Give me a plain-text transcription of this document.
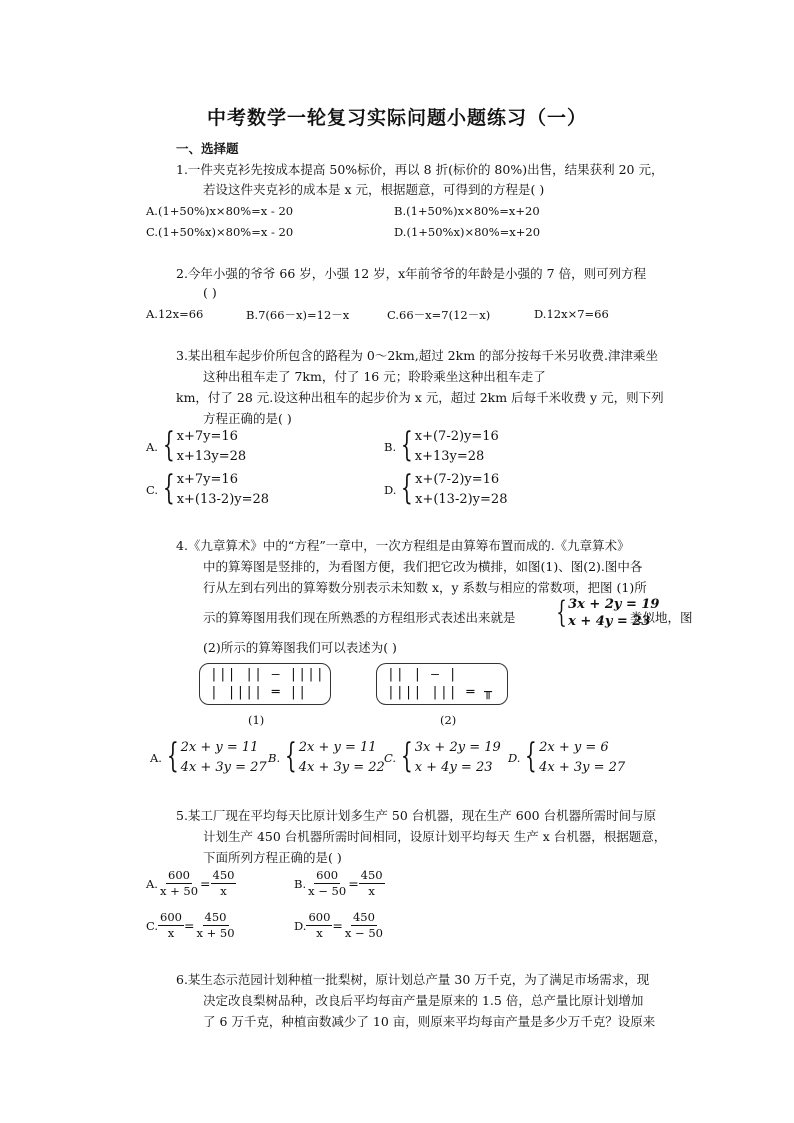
中考数学一轮复习实际问题小题练习（一）
一、选择题
1.一件夹克衫先按成本提高 50%标价，再以 8 折(标价的 80%)出售，结果获利 20 元，
若设这件夹克衫的成本是 x 元，根据题意，可得到的方程是( )
A.(1+50%)x×80%=x - 20	B.(1+50%)x×80%=x+20
C.(1+50%x)×80%=x - 20	D.(1+50%x)×80%=x+20
2.今年小强的爷爷 66 岁，小强 12 岁，x年前爷爷的年龄是小强的 7 倍，则可列方程
( )
A.12x=66	B.7(66－x)=12－x	C.66－x=7(12－x)	D.12x×7=66
3.某出租车起步价所包含的路程为 0～2km,超过 2km 的部分按每千米另收费.津津乘坐
这种出租车走了 7km，付了 16 元；聆聆乘坐这种出租车走了
km，付了 28 元.设这种出租车的起步价为 x 元，超过 2km 后每千米收费 y 元，则下列
方程正确的是( )
A. { x+7y=16
x+13y=28
B. { x+(7-2)y=16
x+13y=28
C. { x+7y=16
x+(13-2)y=28
D. { x+(7-2)y=16
x+(13-2)y=28
4.《九章算术》中的“方程”一章中，一次方程组是由算筹布置而成的.《九章算术》
中的算筹图是竖排的，为看图方便，我们把它改为横排，如图(1)、图(2).图中各
行从左到右列出的算筹数分别表示未知数 x，y 系数与相应的常数项，把图 (1)所
示的算筹图用我们现在所熟悉的方程组形式表述出来就是 { 3x + 2y = 19
x + 4y = 23
类似地，图
(2)所示的算筹图我们可以表述为( )
||| || — ||||
| |||| ═ ||
|| | — |
|||| ||| ═ ╥
(1)	(2)
A. { 2x + y = 11
4x + 3y = 27
B. { 2x + y = 11
4x + 3y = 22
C. { 3x + 2y = 19
x + 4y = 23
D. { 2x + y = 6
4x + 3y = 27
5.某工厂现在平均每天比原计划多生产 50 台机器，现在生产 600 台机器所需时间与原
计划生产 450 台机器所需时间相同，设原计划平均每天 生产 x 台机器，根据题意，
下面所列方程正确的是( )
A. $\frac{600}{x + 50} = \frac{450}{x}$	B. $\frac{600}{x - 50} = \frac{450}{x}$
C. $\frac{600}{x} = \frac{450}{x + 50}$	D. $\frac{600}{x} = \frac{450}{x - 50}$
6.某生态示范园计划种植一批梨树，原计划总产量 30 万千克，为了满足市场需求，现
决定改良梨树品种，改良后平均每亩产量是原来的 1.5 倍，总产量比原计划增加
了 6 万千克，种植亩数减少了 10 亩，则原来平均每亩产量是多少万千克？设原来
